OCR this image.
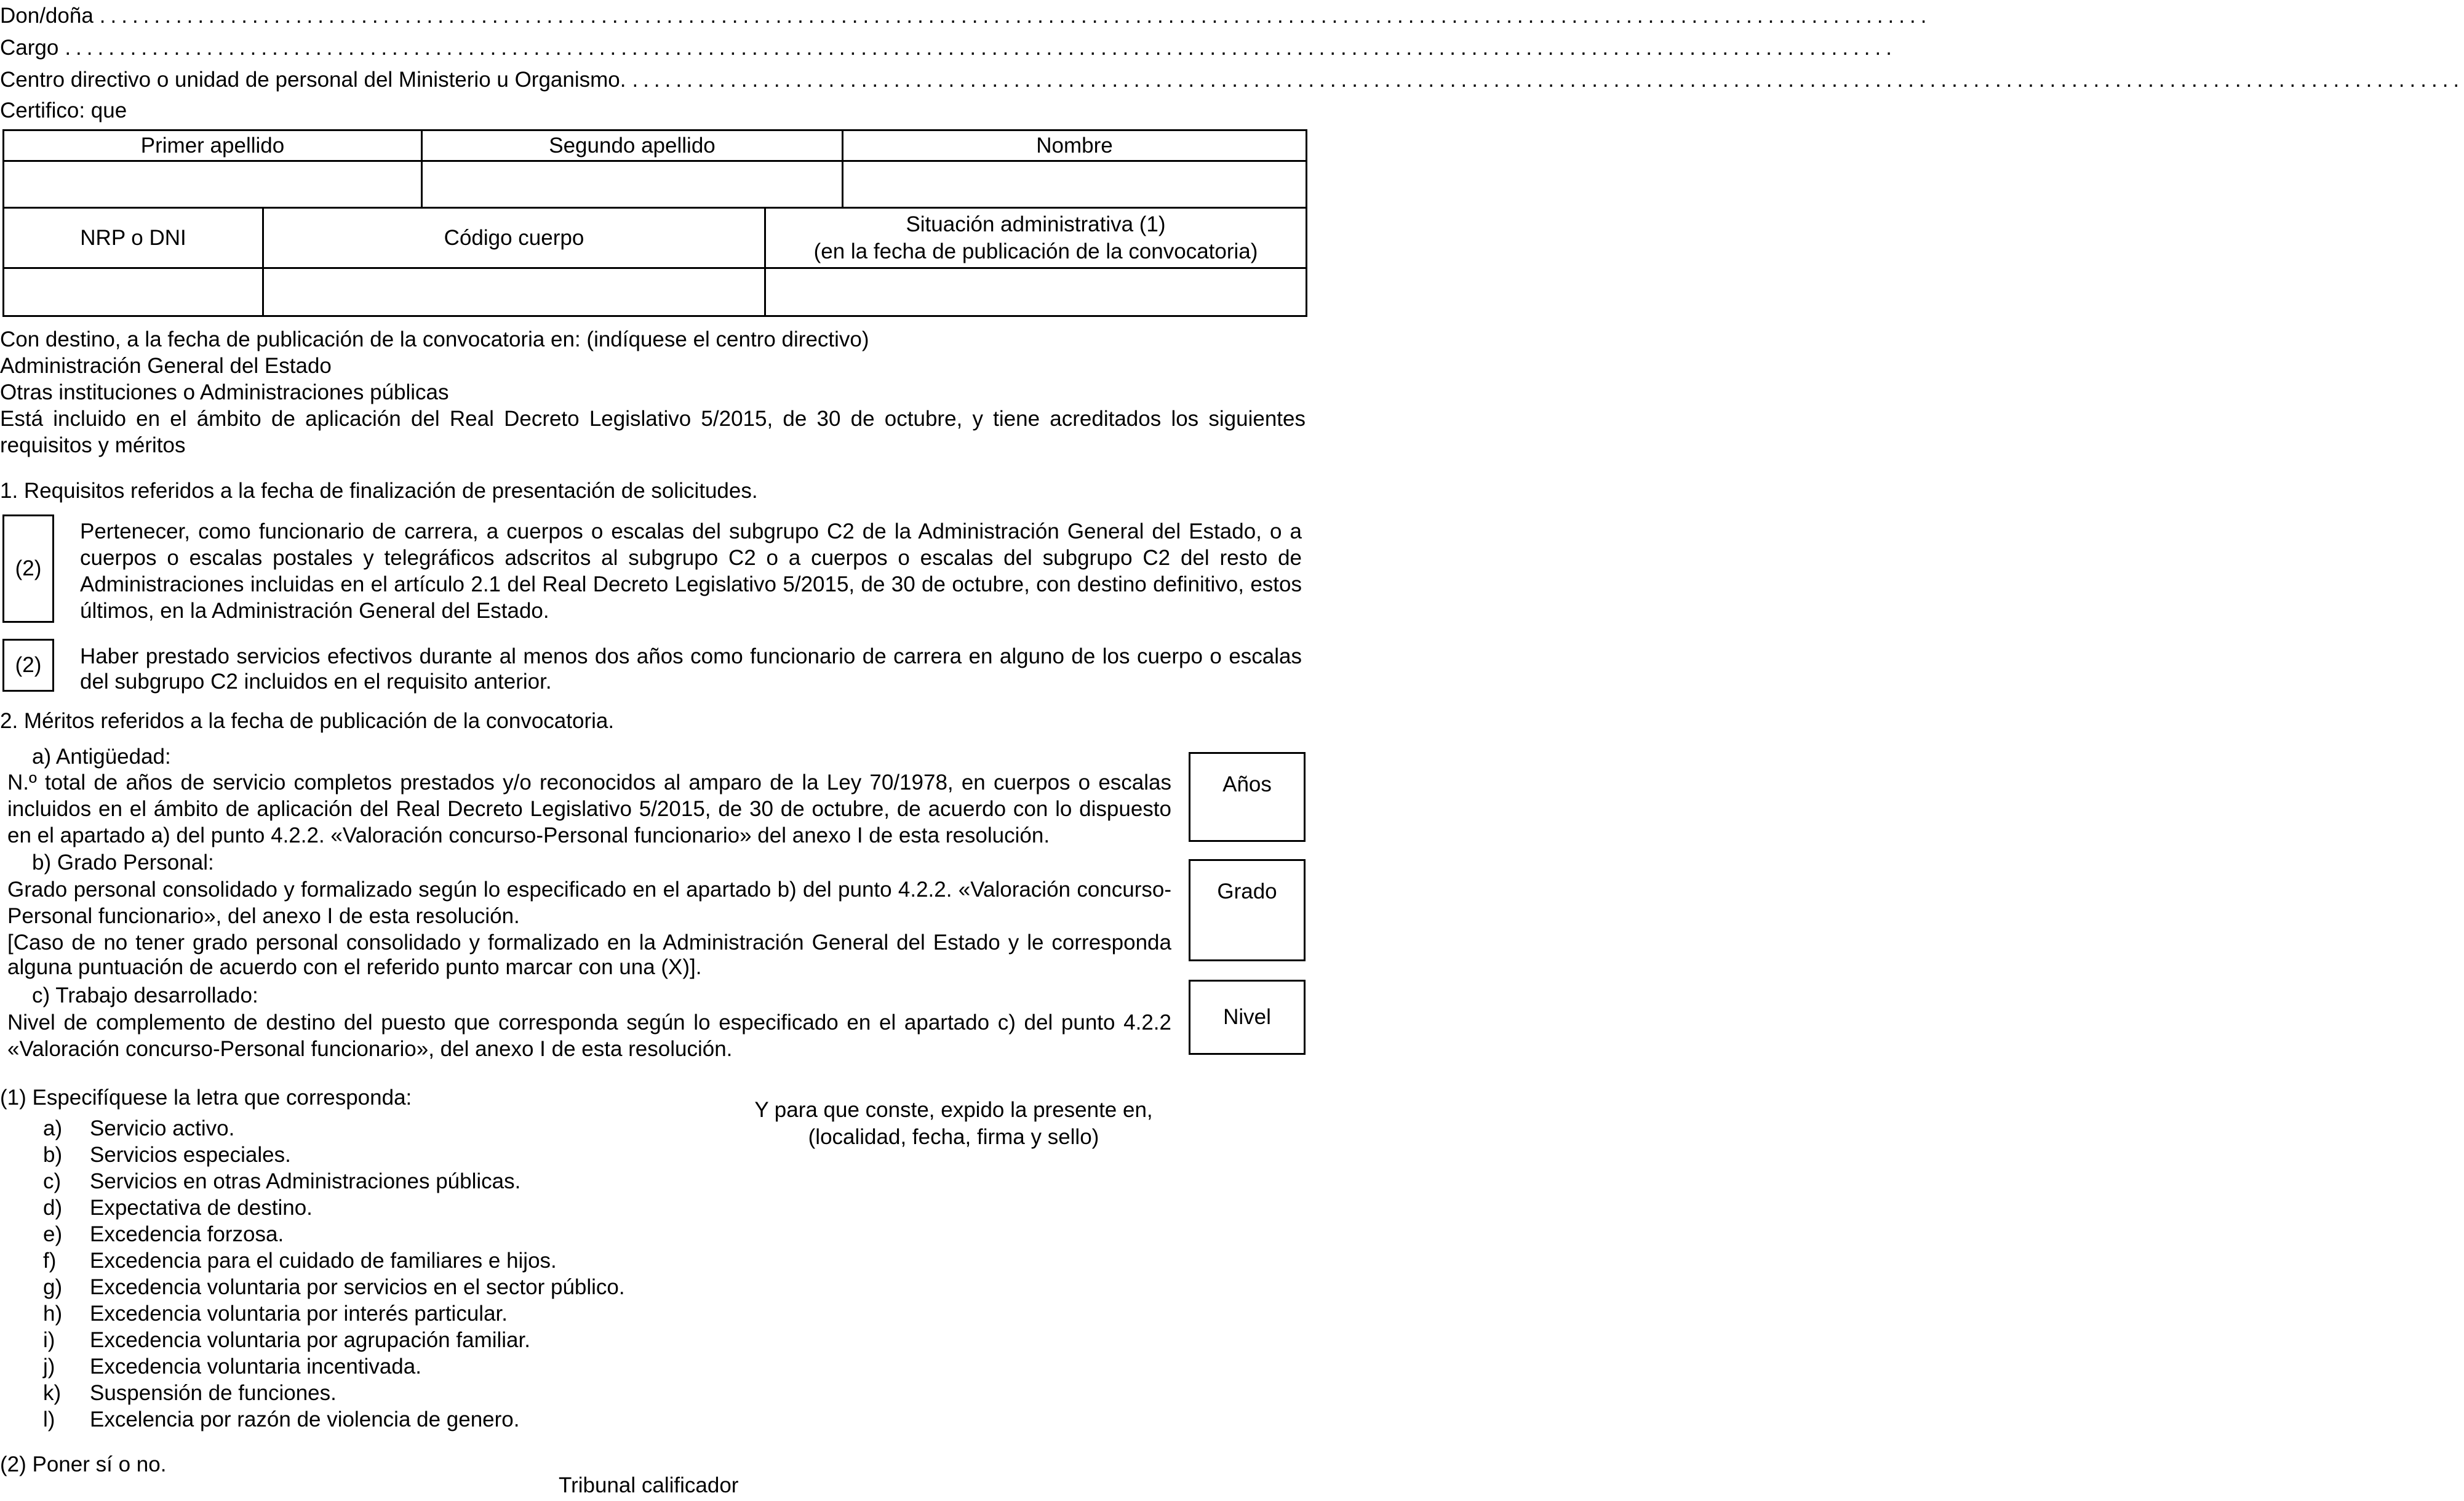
Don/doña ........................................................................................................................................................................
Cargo ........................................................................................................................................................................
Centro directivo o unidad de personal del Ministerio u Organismo. ........................................................................................................................................................................
Certifico: que
Primer apellido	Segundo apellido	Nombre

NRP o DNI	Código cuerpo	Situación administrativa (1)
(en la fecha de publicación de la convocatoria)

Con destino, a la fecha de publicación de la convocatoria en: (indíquese el centro directivo)
Administración General del Estado
Otras instituciones o Administraciones públicas
Está incluido en el ámbito de aplicación del Real Decreto Legislativo 5/2015, de 30 de octubre, y tiene acreditados los siguientes requisitos y méritos
1. Requisitos referidos a la fecha de finalización de presentación de solicitudes.
(2)
Pertenecer, como funcionario de carrera, a cuerpos o escalas del subgrupo C2 de la Administración General del Estado, o a cuerpos o escalas postales y telegráficos adscritos al subgrupo C2 o a cuerpos o escalas del subgrupo C2 del resto de Administraciones incluidas en el artículo 2.1 del Real Decreto Legislativo 5/2015, de 30 de octubre, con destino definitivo, estos últimos, en la Administración General del Estado.
(2) Haber prestado servicios efectivos durante al menos dos años como funcionario de carrera en alguno de los cuerpo o escalas del subgrupo C2 incluidos en el requisito anterior.
2. Méritos referidos a la fecha de publicación de la convocatoria.
a) Antigüedad:
N.º total de años de servicio completos prestados y/o reconocidos al amparo de la Ley 70/1978, en cuerpos o escalas incluidos en el ámbito de aplicación del Real Decreto Legislativo 5/2015, de 30 de octubre, de acuerdo con lo dispuesto en el apartado a) del punto 4.2.2. «Valoración concurso-Personal funcionario» del anexo I de esta resolución.
Años
b) Grado Personal:
Grado personal consolidado y formalizado según lo especificado en el apartado b) del punto 4.2.2. «Valoración concurso-Personal funcionario», del anexo I de esta resolución.
[Caso de no tener grado personal consolidado y formalizado en la Administración General del Estado y le corresponda alguna puntuación de acuerdo con el referido punto marcar con una (X)].
Grado
c) Trabajo desarrollado:
Nivel de complemento de destino del puesto que corresponda según lo especificado en el apartado c) del punto 4.2.2 «Valoración concurso-Personal funcionario», del anexo I de esta resolución.
Nivel
(1) Especifíquese la letra que corresponda:
a) Servicio activo.
b) Servicios especiales.
c) Servicios en otras Administraciones públicas.
d) Expectativa de destino.
e) Excedencia forzosa.
f) Excedencia para el cuidado de familiares e hijos.
g) Excedencia voluntaria por servicios en el sector público.
h) Excedencia voluntaria por interés particular.
i) Excedencia voluntaria por agrupación familiar.
j) Excedencia voluntaria incentivada.
k) Suspensión de funciones.
l) Excelencia por razón de violencia de genero.
(2) Poner sí o no.
Y para que conste, expido la presente en,
(localidad, fecha, firma y sello)
Tribunal calificador
